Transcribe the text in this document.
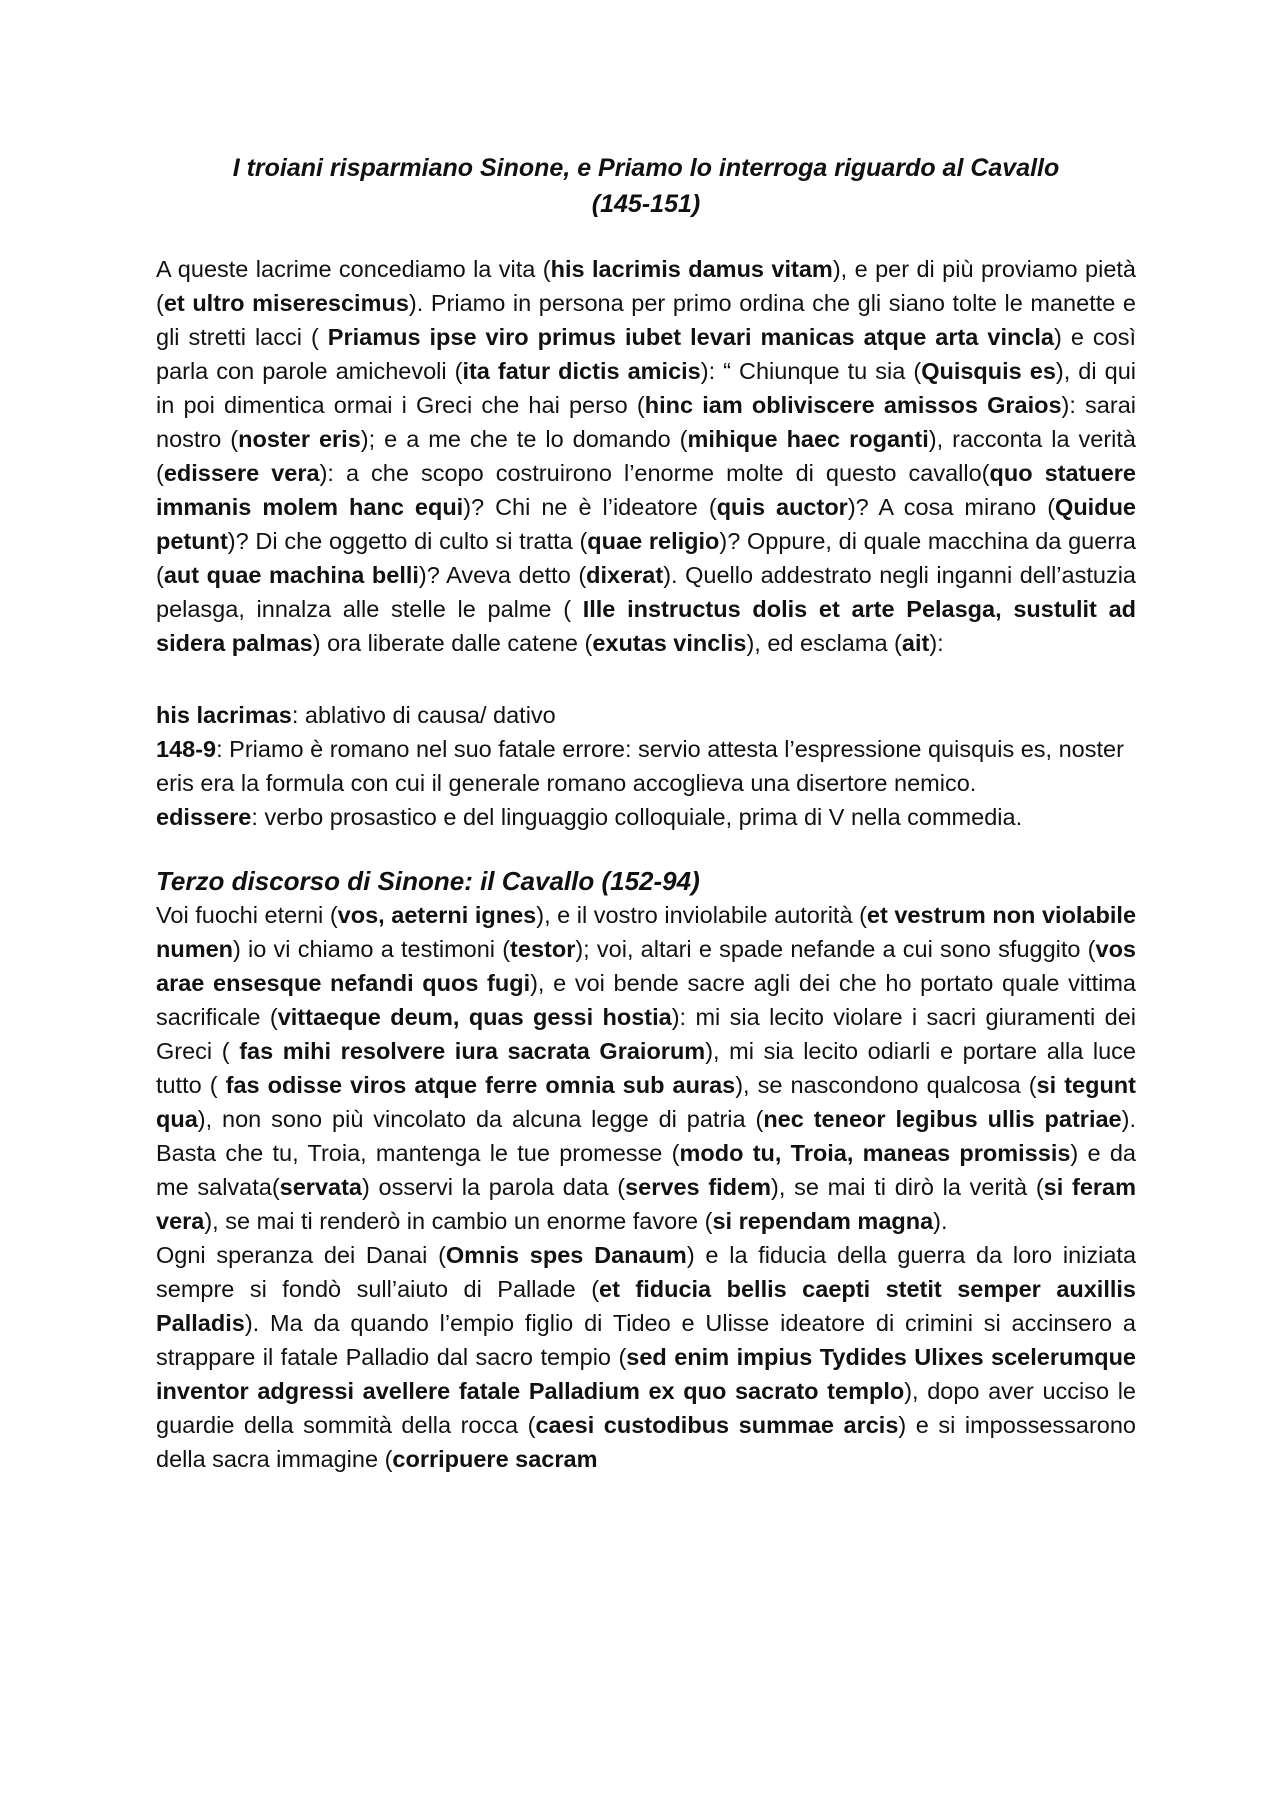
I troiani risparmiano Sinone, e Priamo lo interroga riguardo al Cavallo
(145-151)

A queste lacrime concediamo la vita (his lacrimis damus vitam), e per di più proviamo pietà (et ultro miserescimus). Priamo in persona per primo ordina che gli siano tolte le manette e gli stretti lacci ( Priamus ipse viro primus iubet levari manicas atque arta vincla) e così parla con parole amichevoli (ita fatur dictis amicis): “ Chiunque tu sia (Quisquis es), di qui in poi dimentica ormai i Greci che hai perso (hinc iam obliviscere amissos Graios): sarai nostro (noster eris); e a me che te lo domando (mihique haec roganti), racconta la verità (edissere vera): a che scopo costruirono l’enorme molte di questo cavallo(quo statuere immanis molem hanc equi)? Chi ne è l’ideatore (quis auctor)? A cosa mirano (Quidue petunt)? Di che oggetto di culto si tratta (quae religio)? Oppure, di quale macchina da guerra (aut quae machina belli)? Aveva detto (dixerat). Quello addestrato negli inganni dell’astuzia pelasga, innalza alle stelle le palme ( Ille instructus dolis et arte Pelasga, sustulit ad sidera palmas) ora liberate dalle catene (exutas vinclis), ed esclama (ait):

his lacrimas: ablativo di causa/ dativo

148-9: Priamo è romano nel suo fatale errore: servio attesta l’espressione quisquis es, noster eris era la formula con cui il generale romano accoglieva una disertore nemico.

edissere: verbo prosastico e del linguaggio colloquiale, prima di V nella commedia.

Terzo discorso di Sinone: il Cavallo (152-94)

Voi fuochi eterni (vos, aeterni ignes), e il vostro inviolabile autorità (et vestrum non violabile numen) io vi chiamo a testimoni (testor); voi, altari e spade nefande a cui sono sfuggito (vos arae ensesque nefandi quos fugi), e voi bende sacre agli dei che ho portato quale vittima sacrificale (vittaeque deum, quas gessi hostia): mi sia lecito violare i sacri giuramenti dei Greci ( fas mihi resolvere iura sacrata Graiorum), mi sia lecito odiarli e portare alla luce tutto ( fas odisse viros atque ferre omnia sub auras), se nascondono qualcosa (si tegunt qua), non sono più vincolato da alcuna legge di patria (nec teneor legibus ullis patriae). Basta che tu, Troia, mantenga le tue promesse (modo tu, Troia, maneas promissis) e da me salvata(servata) osservi la parola data (serves fidem), se mai ti dirò la verità (si feram vera), se mai ti renderò in cambio un enorme favore (si rependam magna).

Ogni speranza dei Danai (Omnis spes Danaum) e la fiducia della guerra da loro iniziata sempre si fondò sull’aiuto di Pallade (et fiducia bellis caepti stetit semper auxillis Palladis). Ma da quando l’empio figlio di Tideo e Ulisse ideatore di crimini si accinsero a strappare il fatale Palladio dal sacro tempio (sed enim impius Tydides Ulixes scelerumque inventor adgressi avellere fatale Palladium ex quo sacrato templo), dopo aver ucciso le guardie della sommità della rocca (caesi custodibus summae arcis) e si impossessarono della sacra immagine (corripuere sacram
